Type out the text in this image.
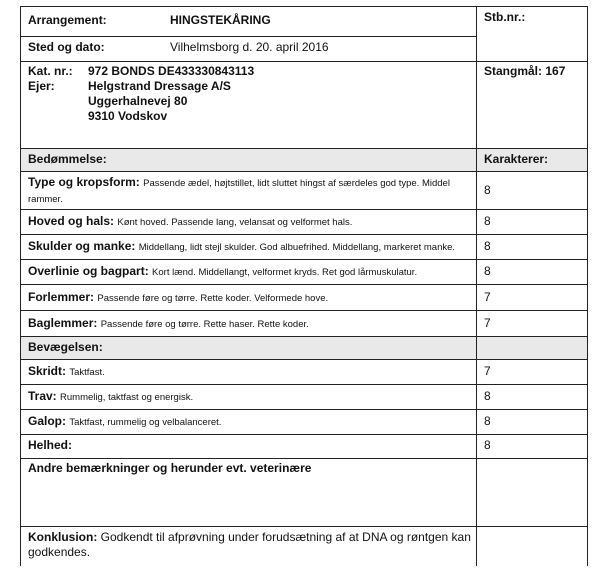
Arrangement:	HINGSTEKÅRING	Stb.nr.:
Sted og dato:	Vilhelmsborg d. 20. april 2016
Kat. nr.: 972 BONDS DE433330843113
Ejer:	Helgstrand Dressage A/S
Uggerhalnevej 80
9310 Vodskov
Stangmål: 167
Bedømmelse:	Karakterer:
Type og kropsform: Passende ædel, højtstillet, lidt sluttet hingst af særdeles god type. Middel rammer.
8
Hoved og hals: Kønt hoved. Passende lang, velansat og velformet hals.	8
Skulder og manke: Middellang, lidt stejl skulder. God albuefrihed. Middellang, markeret manke. 8
Overlinie og bagpart: Kort lænd. Middellangt, velformet kryds. Ret god lårmuskulatur.	8
Forlemmer: Passende føre og tørre. Rette koder. Velformede hove.	7
Baglemmer: Passende føre og tørre. Rette haser. Rette koder.	7
Bevægelsen:
Skridt: Taktfast.	7
Trav: Rummelig, taktfast og energisk.	8
Galop: Taktfast, rummelig og velbalanceret.	8
Helhed:	8
Andre bemærkninger og herunder evt. veterinære
Konklusion: Godkendt til afprøvning under forudsætning af at DNA og røntgen kan godkendes.
